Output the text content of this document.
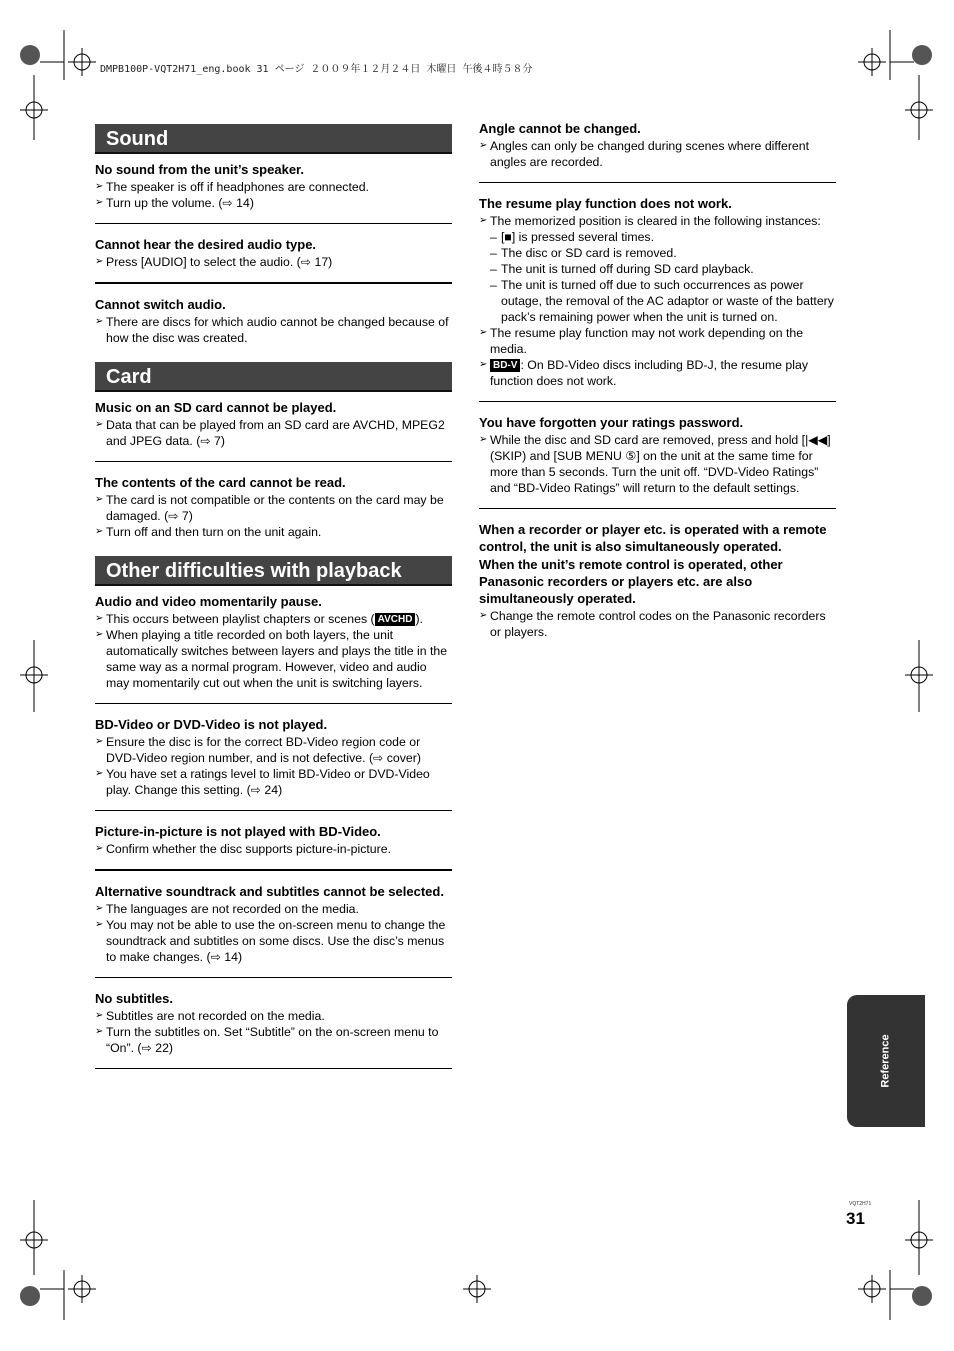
DMPB100P-VQT2H71_eng.book 31 ページ ２００９年１２月２４日 木曜日 午後４時５８分
Sound
No sound from the unit’s speaker.
➢ The speaker is off if headphones are connected.
➢ Turn up the volume. (⇨ 14)
Cannot hear the desired audio type.
➢ Press [AUDIO] to select the audio. (⇨ 17)
Cannot switch audio.
➢ There are discs for which audio cannot be changed because of how the disc was created.
Card
Music on an SD card cannot be played.
➢ Data that can be played from an SD card are AVCHD, MPEG2 and JPEG data. (⇨ 7)
The contents of the card cannot be read.
➢ The card is not compatible or the contents on the card may be damaged. (⇨ 7)
➢ Turn off and then turn on the unit again.
Other difficulties with playback
Audio and video momentarily pause.
➢ This occurs between playlist chapters or scenes ( AVCHD ).
➢ When playing a title recorded on both layers, the unit automatically switches between layers and plays the title in the same way as a normal program. However, video and audio may momentarily cut out when the unit is switching layers.
BD-Video or DVD-Video is not played.
➢ Ensure the disc is for the correct BD-Video region code or DVD-Video region number, and is not defective. (⇨ cover)
➢ You have set a ratings level to limit BD-Video or DVD-Video play. Change this setting. (⇨ 24)
Picture-in-picture is not played with BD-Video.
➢ Confirm whether the disc supports picture-in-picture.
Alternative soundtrack and subtitles cannot be selected.
➢ The languages are not recorded on the media.
➢ You may not be able to use the on-screen menu to change the soundtrack and subtitles on some discs. Use the disc’s menus to make changes. (⇨ 14)
No subtitles.
➢ Subtitles are not recorded on the media.
➢ Turn the subtitles on. Set “Subtitle” on the on-screen menu to “On”. (⇨ 22)
Angle cannot be changed.
➢ Angles can only be changed during scenes where different angles are recorded.
The resume play function does not work.
➢ The memorized position is cleared in the following instances:
– [■] is pressed several times.
– The disc or SD card is removed.
– The unit is turned off during SD card playback.
– The unit is turned off due to such occurrences as power outage, the removal of the AC adaptor or waste of the battery pack’s remaining power when the unit is turned on.
➢ The resume play function may not work depending on the media.
➢ BD-V : On BD-Video discs including BD-J, the resume play function does not work.
You have forgotten your ratings password.
➢ While the disc and SD card are removed, press and hold [|◀◀] (SKIP) and [SUB MENU ⑤] on the unit at the same time for more than 5 seconds. Turn the unit off. “DVD-Video Ratings” and “BD-Video Ratings” will return to the default settings.
When a recorder or player etc. is operated with a remote control, the unit is also simultaneously operated.
When the unit’s remote control is operated, other Panasonic recorders or players etc. are also simultaneously operated.
➢ Change the remote control codes on the Panasonic recorders or players.
Reference
VQT2H71
31
